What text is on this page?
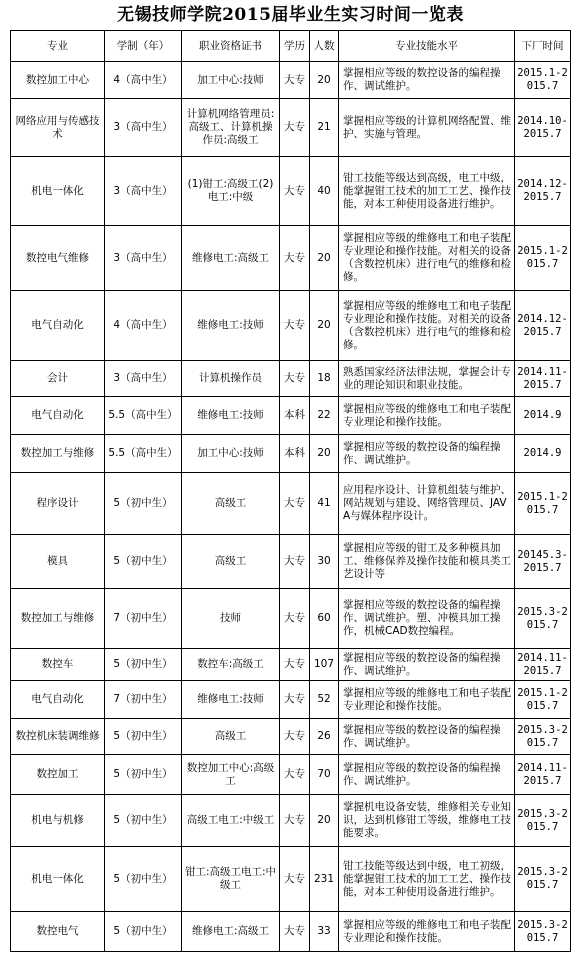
无锡技师学院2015届毕业生实习时间一览表
专业	学制（年）	职业资格证书	学历	人数	专业技能水平	下厂时间
数控加工中心	4（高中生）	加工中心:技师	大专	20	掌握相应等级的数控设备的编程操作、调试维护。	2015.1-2015.7
网络应用与传感技术	3（高中生）	计算机网络管理员:高级工、计算机操作员:高级工	大专	21	掌握相应等级的计算机网络配置、维护、实施与管理。	2014.10-2015.7
机电一体化	3（高中生）	(1)钳工:高级工(2)电工:中级	大专	40	钳工技能等级达到高级，电工中级，能掌握钳工技术的加工工艺、操作技能，对本工种使用设备进行维护。	2014.12-2015.7
数控电气维修	3（高中生）	维修电工:高级工	大专	20	掌握相应等级的维修电工和电子装配专业理论和操作技能。对相关的设备（含数控机床）进行电气的维修和检修。	2015.1-2015.7
电气自动化	4（高中生）	维修电工:技师	大专	20	掌握相应等级的维修电工和电子装配专业理论和操作技能。对相关的设备（含数控机床）进行电气的维修和检修。	2014.12-2015.7
会计	3（高中生）	计算机操作员	大专	18	熟悉国家经济法律法规，掌握会计专业的理论知识和职业技能。	2014.11-2015.7
电气自动化	5.5（高中生）	维修电工:技师	本科	22	掌握相应等级的维修电工和电子装配专业理论和操作技能。	2014.9
数控加工与维修	5.5（高中生）	加工中心:技师	本科	20	掌握相应等级的数控设备的编程操作、调试维护。	2014.9
程序设计	5（初中生）	高级工	大专	41	应用程序设计、计算机组装与维护、网站规划与建设、网络管理员、JAVA与媒体程序设计。	2015.1-2015.7
模具	5（初中生）	高级工	大专	30	掌握相应等级的钳工及多种模具加工、维修保养及操作技能和模具类工艺设计等	20145.3-2015.7
数控加工与维修	7（初中生）	技师	大专	60	掌握相应等级的数控设备的编程操作、调试维护。塑、冲模具加工操作，机械CAD数控编程。	2015.3-2015.7
数控车	5（初中生）	数控车:高级工	大专	107	掌握相应等级的数控设备的编程操作、调试维护。	2014.11-2015.7
电气自动化	7（初中生）	维修电工:技师	大专	52	掌握相应等级的维修电工和电子装配专业理论和操作技能。	2015.1-2015.7
数控机床装调维修	5（初中生）	高级工	大专	26	掌握相应等级的数控设备的编程操作、调试维护。	2015.3-2015.7
数控加工	5（初中生）	数控加工中心:高级工	大专	70	掌握相应等级的数控设备的编程操作、调试维护。	2014.11-2015.7
机电与机修	5（初中生）	高级工电工:中级工	大专	20	掌握机电设备安装，维修相关专业知识，达到机修钳工等级，维修电工技能要求。	2015.3-2015.7
机电一体化	5（初中生）	钳工:高级工电工:中级工	大专	231	钳工技能等级达到中级，电工初级，能掌握钳工技术的加工工艺、操作技能，对本工种使用设备进行维护。	2015.3-2015.7
数控电气	5（初中生）	维修电工:高级工	大专	33	掌握相应等级的维修电工和电子装配专业理论和操作技能。	2015.3-2015.7
